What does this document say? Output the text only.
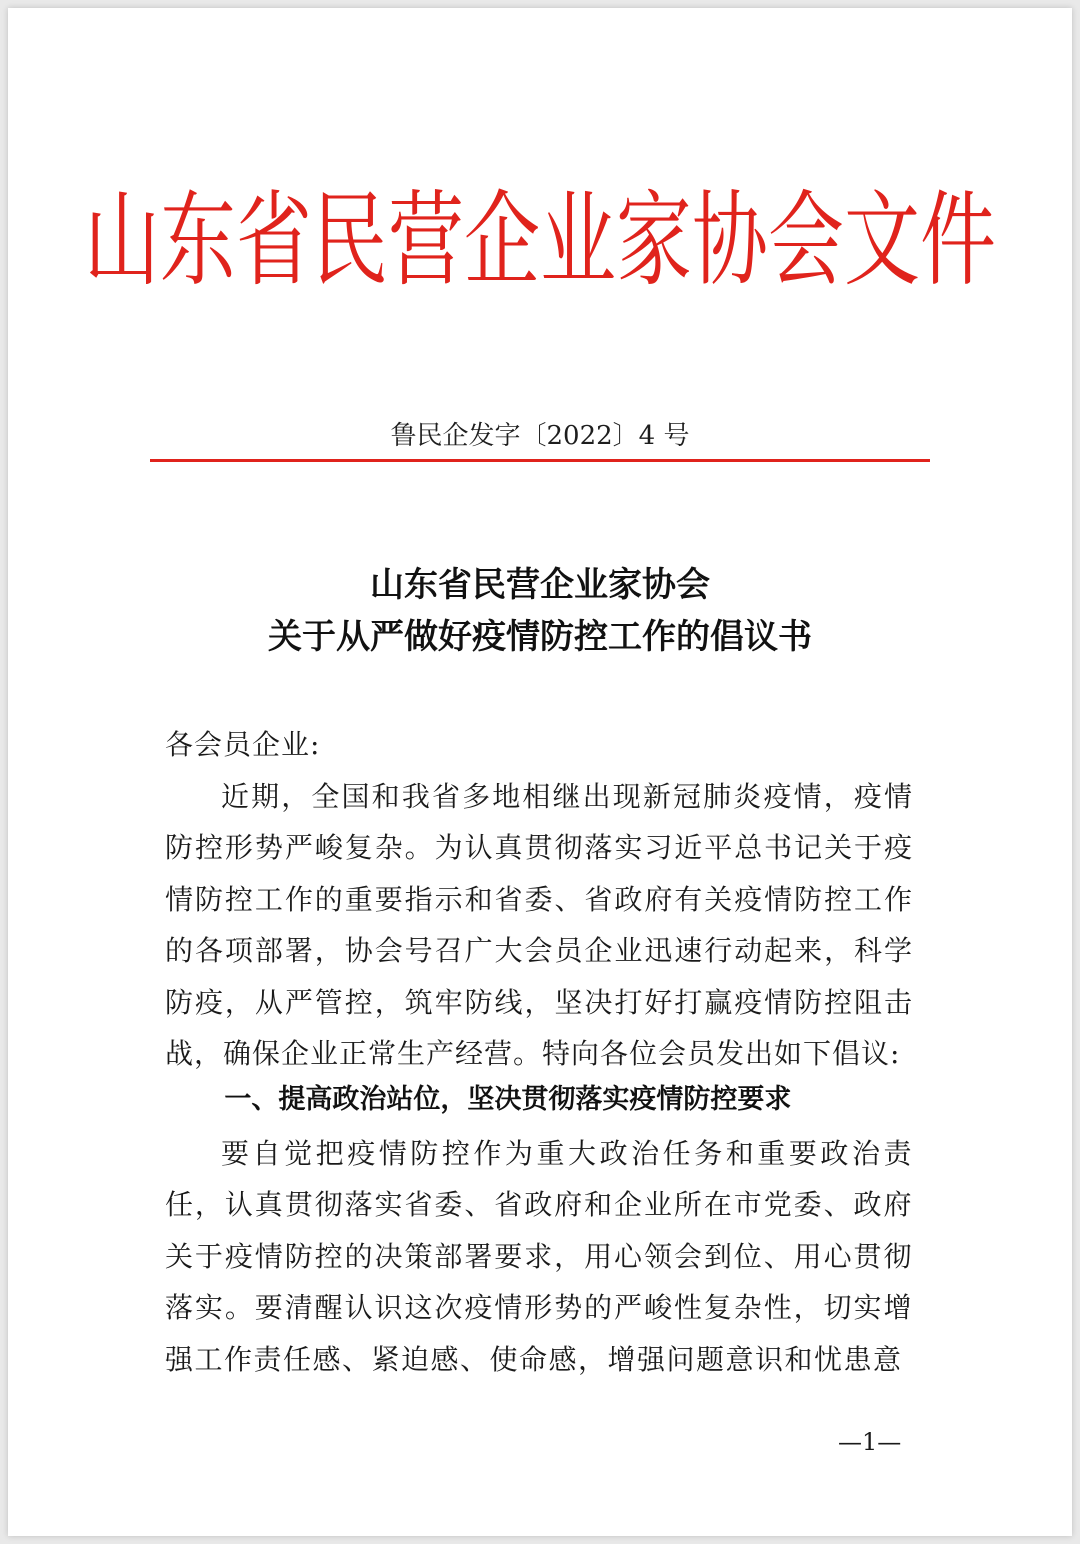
山东省民营企业家协会文件
鲁民企发字〔2022〕4 号
山东省民营企业家协会
关于从严做好疫情防控工作的倡议书
各会员企业:
近期，全国和我省多地相继出现新冠肺炎疫情，疫情防控形势严峻复杂。为认真贯彻落实习近平总书记关于疫情防控工作的重要指示和省委、省政府有关疫情防控工作的各项部署，协会号召广大会员企业迅速行动起来，科学防疫，从严管控，筑牢防线，坚决打好打赢疫情防控阻击战，确保企业正常生产经营。特向各位会员发出如下倡议:
一、提高政治站位，坚决贯彻落实疫情防控要求
要自觉把疫情防控作为重大政治任务和重要政治责任，认真贯彻落实省委、省政府和企业所在市党委、政府关于疫情防控的决策部署要求，用心领会到位、用心贯彻落实。要清醒认识这次疫情形势的严峻性复杂性，切实增强工作责任感、紧迫感、使命感，增强问题意识和忧患意
—1—
